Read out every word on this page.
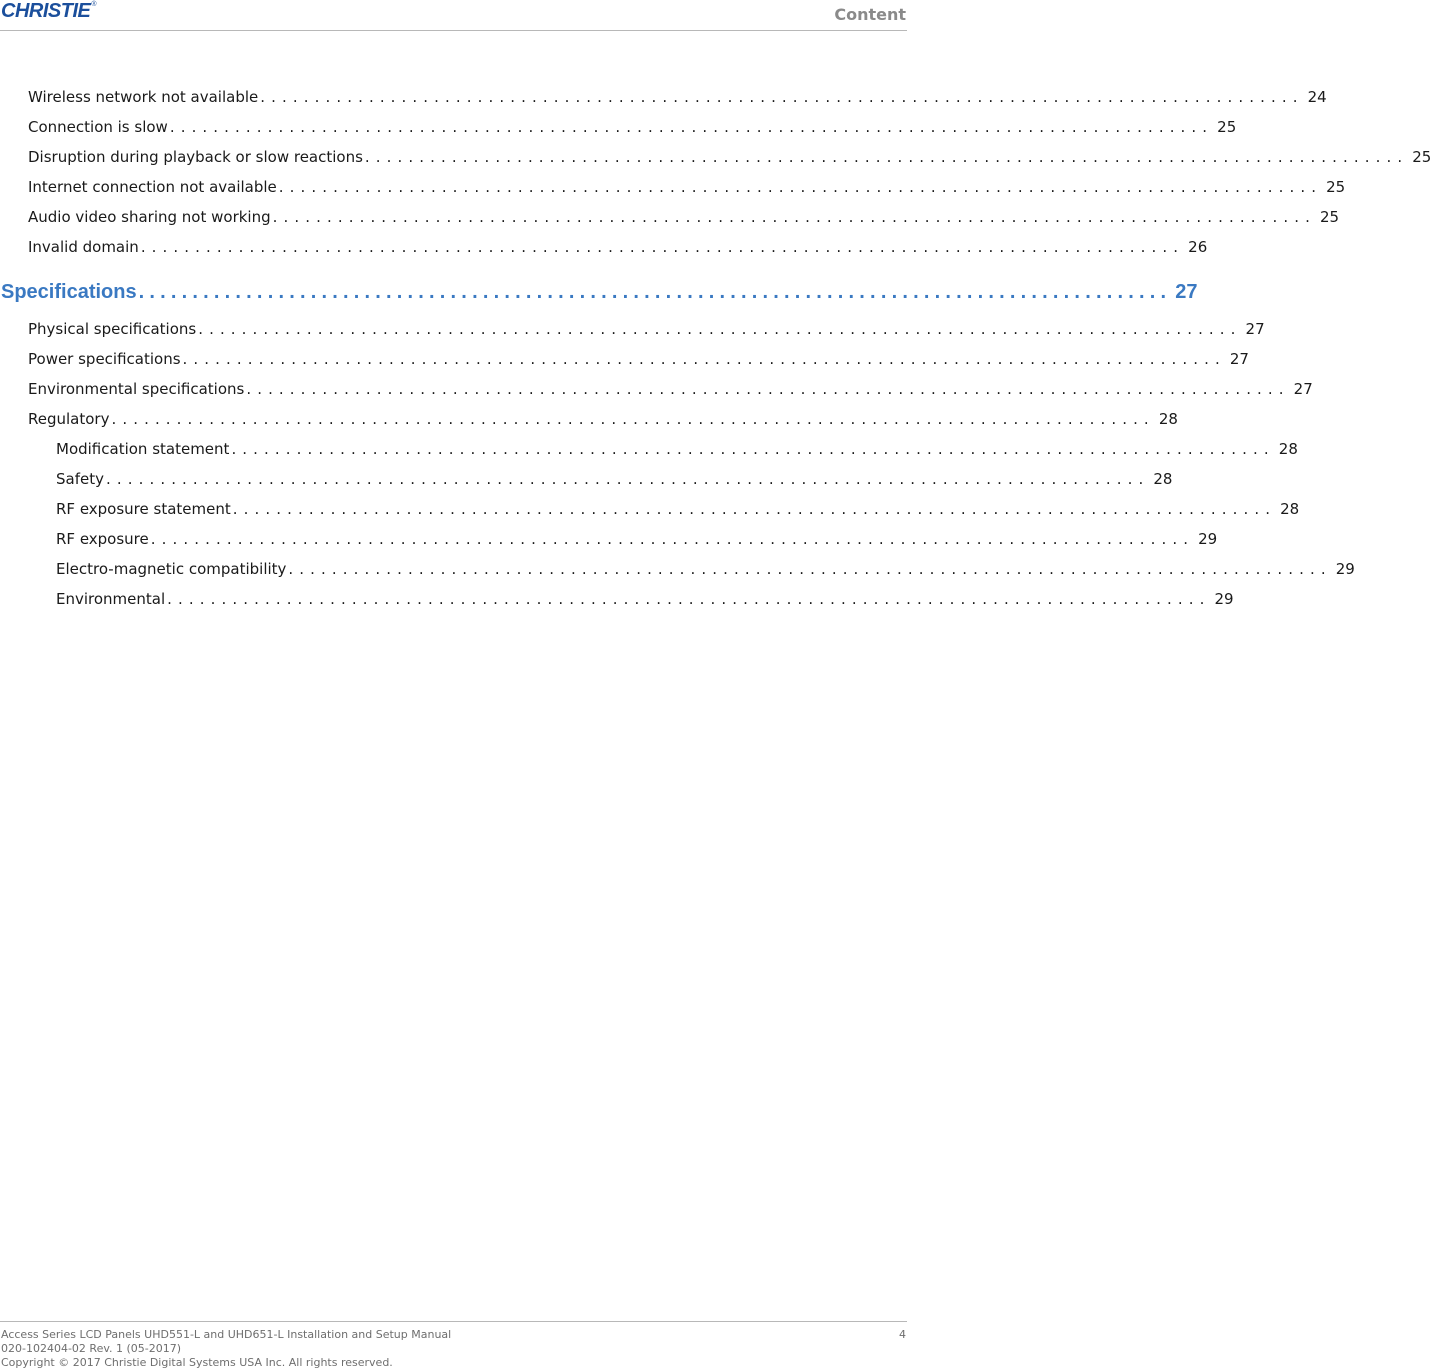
CHRISTIE ®
Content
Wireless network not available ................................................................................................ 24
Connection is slow ................................................................................................ 25
Disruption during playback or slow reactions ................................................................................................ 25
Internet connection not available ................................................................................................ 25
Audio video sharing not working ................................................................................................ 25
Invalid domain ................................................................................................ 26
Specifications ................................................................................................ 27
Physical specifications ................................................................................................ 27
Power specifications ................................................................................................ 27
Environmental specifications ................................................................................................ 27
Regulatory ................................................................................................ 28
Modification statement ................................................................................................ 28
Safety ................................................................................................ 28
RF exposure statement ................................................................................................ 28
RF exposure ................................................................................................ 29
Electro-magnetic compatibility ................................................................................................ 29
Environmental ................................................................................................ 29
Access Series LCD Panels UHD551-L and UHD651-L Installation and Setup Manual
020-102404-02 Rev. 1 (05-2017)
Copyright © 2017 Christie Digital Systems USA Inc. All rights reserved.
4
